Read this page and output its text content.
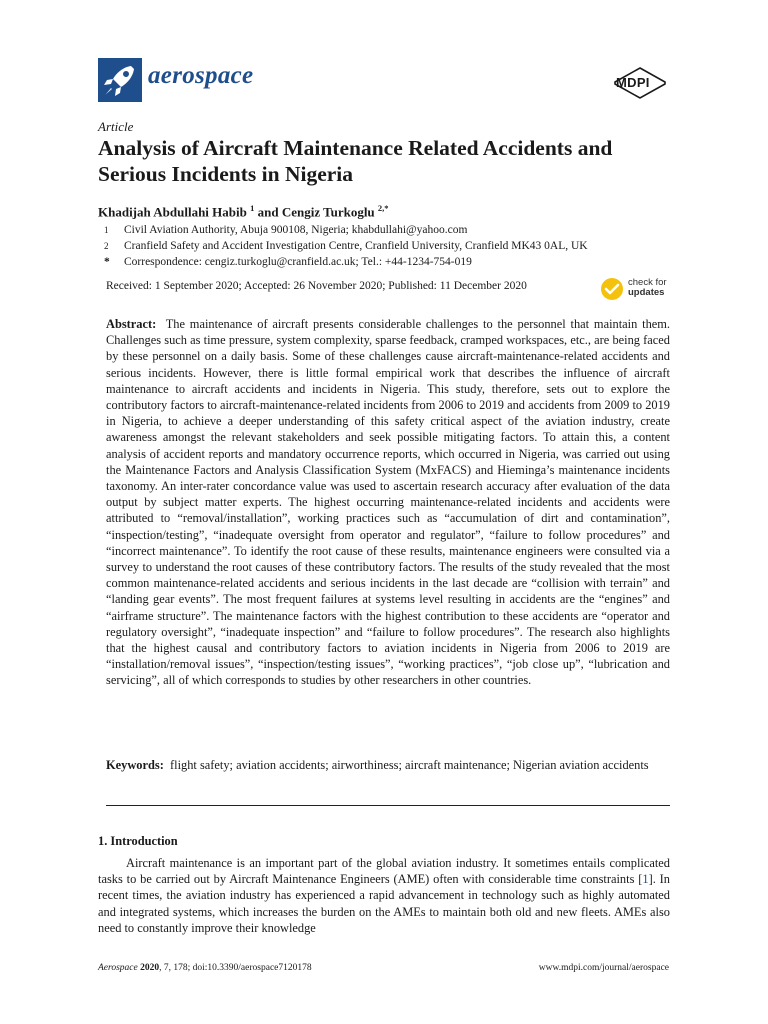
aerospace	MDPI
Article
Analysis of Aircraft Maintenance Related Accidents and Serious Incidents in Nigeria
Khadijah Abdullahi Habib $^1$ and Cengiz Turkoglu $^{2,*}$
1 Civil Aviation Authority, Abuja 900108, Nigeria; khabdullahi@yahoo.com
2 Cranfield Safety and Accident Investigation Centre, Cranfield University, Cranfield MK43 0AL, UK
* Correspondence: cengiz.turkoglu@cranfield.ac.uk; Tel.: +44-1234-754-019
Received: 1 September 2020; Accepted: 26 November 2020; Published: 11 December 2020	check for
updates

Abstract: The maintenance of aircraft presents considerable challenges to the personnel that maintain them. Challenges such as time pressure, system complexity, sparse feedback, cramped workspaces, etc., are being faced by these personnel on a daily basis. Some of these challenges cause aircraft-maintenance-related accidents and serious incidents. However, there is little formal empirical work that describes the influence of aircraft maintenance to aircraft accidents and incidents in Nigeria. This study, therefore, sets out to explore the contributory factors to aircraft-maintenance-related incidents from 2006 to 2019 and accidents from 2009 to 2019 in Nigeria, to achieve a deeper understanding of this safety critical aspect of the aviation industry, create awareness amongst the relevant stakeholders and seek possible mitigating factors. To attain this, a content analysis of accident reports and mandatory occurrence reports, which occurred in Nigeria, was carried out using the Maintenance Factors and Analysis Classification System (MxFACS) and Hieminga’s maintenance incidents taxonomy. An inter-rater concordance value was used to ascertain research accuracy after evaluation of the data output by subject matter experts. The highest occurring maintenance-related incidents and accidents were attributed to “removal/installation”, working practices such as “accumulation of dirt and contamination”, “inspection/testing”, “inadequate oversight from operator and regulator”, “failure to follow procedures” and “incorrect maintenance”. To identify the root cause of these results, maintenance engineers were consulted via a survey to understand the root causes of these contributory factors. The results of the study revealed that the most common maintenance-related accidents and serious incidents in the last decade are “collision with terrain” and “landing gear events”. The most frequent failures at systems level resulting in accidents are the “engines” and “airframe structure”. The maintenance factors with the highest contribution to these accidents are “operator and regulatory oversight”, “inadequate inspection” and “failure to follow procedures”. The research also highlights that the highest causal and contributory factors to aviation incidents in Nigeria from 2006 to 2019 are “installation/removal issues”, “inspection/testing issues”, “working practices”, “job close up”, “lubrication and servicing”, all of which corresponds to studies by other researchers in other countries.

Keywords: flight safety; aviation accidents; airworthiness; aircraft maintenance; Nigerian aviation accidents

1. Introduction

Aircraft maintenance is an important part of the global aviation industry. It sometimes entails complicated tasks to be carried out by Aircraft Maintenance Engineers (AME) often with considerable time constraints [1]. In recent times, the aviation industry has experienced a rapid advancement in technology such as highly automated and integrated systems, which increases the burden on the AMEs to maintain both old and new fleets. AMEs also need to constantly improve their knowledge

Aerospace 2020, 7, 178; doi:10.3390/aerospace7120178	www.mdpi.com/journal/aerospace
